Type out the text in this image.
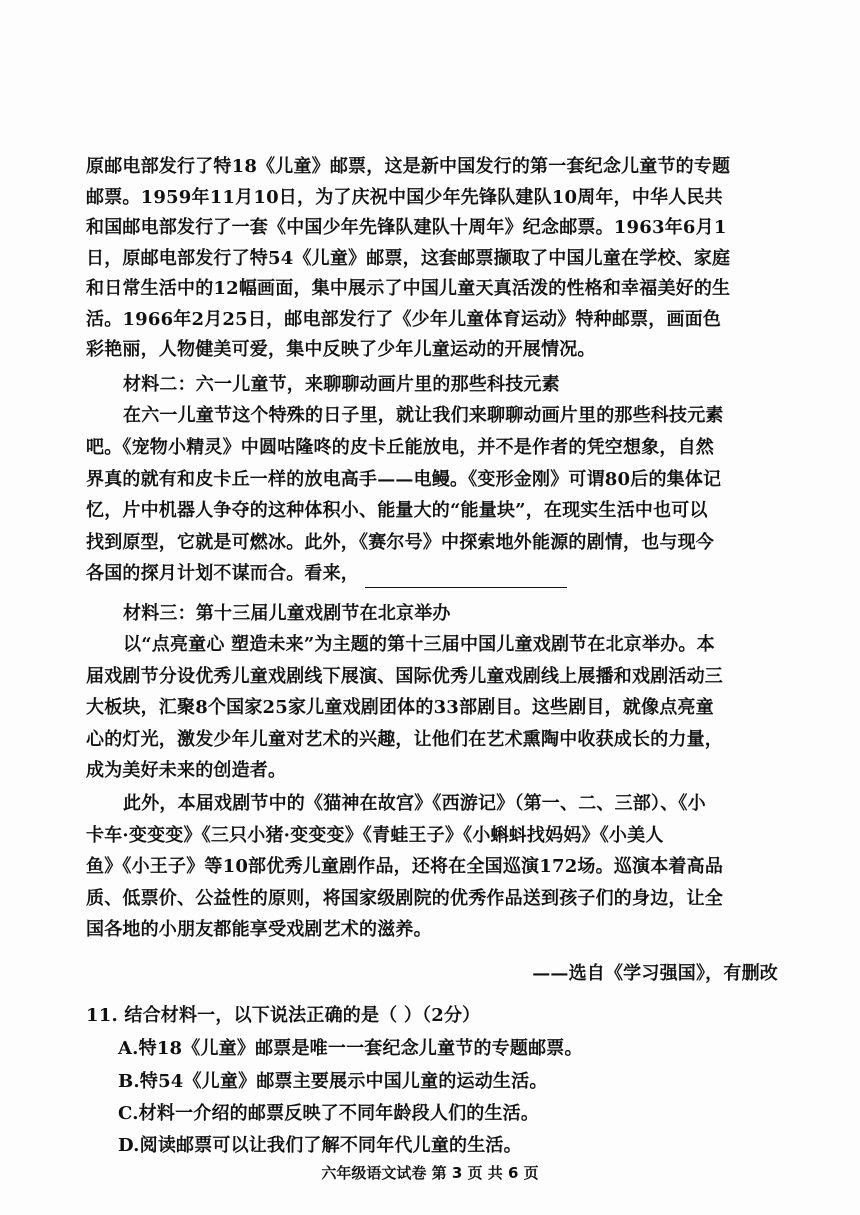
原邮电部发行了特18《儿童》邮票，这是新中国发行的第一套纪念儿童节的专题
邮票。1959年11月10日，为了庆祝中国少年先锋队建队10周年，中华人民共
和国邮电部发行了一套《中国少年先锋队建队十周年》纪念邮票。1963年6月1
日，原邮电部发行了特54《儿童》邮票，这套邮票撷取了中国儿童在学校、家庭
和日常生活中的12幅画面，集中展示了中国儿童天真活泼的性格和幸福美好的生
活。1966年2月25日，邮电部发行了《少年儿童体育运动》特种邮票，画面色
彩艳丽，人物健美可爱，集中反映了少年儿童运动的开展情况。
材料二：六一儿童节，来聊聊动画片里的那些科技元素
在六一儿童节这个特殊的日子里，就让我们来聊聊动画片里的那些科技元素
吧。《宠物小精灵》中圆咕隆咚的皮卡丘能放电，并不是作者的凭空想象，自然
界真的就有和皮卡丘一样的放电高手——电鳗。《变形金刚》可谓80后的集体记
忆，片中机器人争夺的这种体积小、能量大的“能量块”，在现实生活中也可以
找到原型，它就是可燃冰。此外，《赛尔号》中探索地外能源的剧情，也与现今
各国的探月计划不谋而合。看来，
材料三：第十三届儿童戏剧节在北京举办
以“点亮童心 塑造未来”为主题的第十三届中国儿童戏剧节在北京举办。本
届戏剧节分设优秀儿童戏剧线下展演、国际优秀儿童戏剧线上展播和戏剧活动三
大板块，汇聚8个国家25家儿童戏剧团体的33部剧目。这些剧目，就像点亮童
心的灯光，激发少年儿童对艺术的兴趣，让他们在艺术熏陶中收获成长的力量，
成为美好未来的创造者。
此外，本届戏剧节中的《猫神在故宫》《西游记》（第一、二、三部）、《小
卡车·变变变》《三只小猪·变变变》《青蛙王子》《小蝌蚪找妈妈》《小美人
鱼》《小王子》等10部优秀儿童剧作品，还将在全国巡演172场。巡演本着高品
质、低票价、公益性的原则，将国家级剧院的优秀作品送到孩子们的身边，让全
国各地的小朋友都能享受戏剧艺术的滋养。
——选自《学习强国》，有删改
11. 结合材料一，以下说法正确的是（ ）（2分）
A.特18《儿童》邮票是唯一一套纪念儿童节的专题邮票。
B.特54《儿童》邮票主要展示中国儿童的运动生活。
C.材料一介绍的邮票反映了不同年龄段人们的生活。
D.阅读邮票可以让我们了解不同年代儿童的生活。
六年级语文试卷 第 3 页 共 6 页
